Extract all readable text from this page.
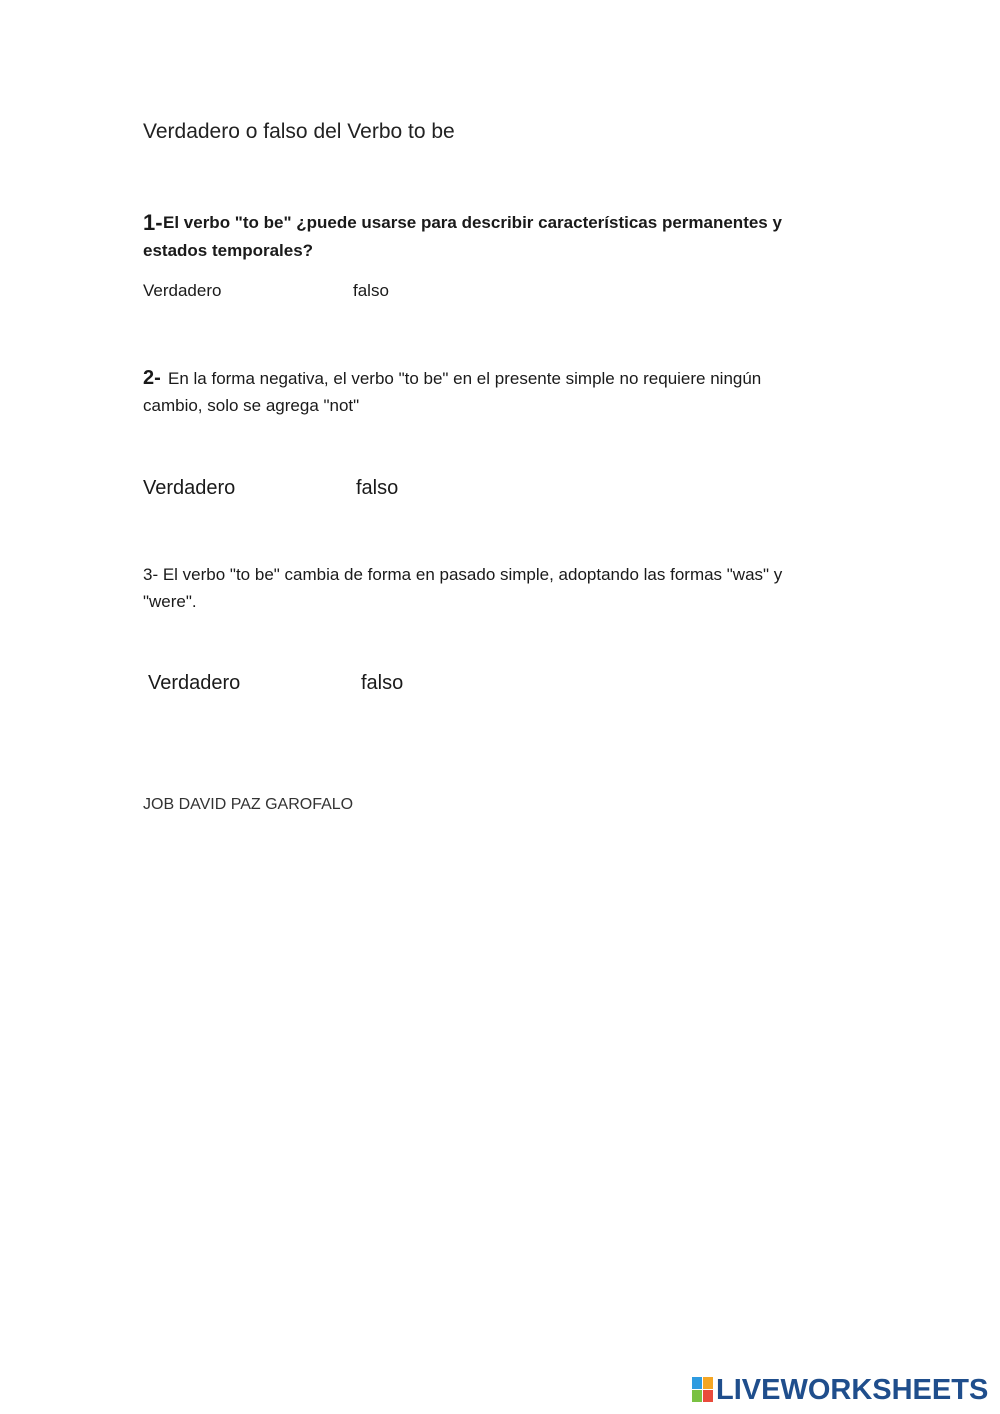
Verdadero o falso del Verbo to be
1- El verbo "to be" ¿puede usarse para describir características permanentes y
estados temporales?
Verdadero	falso
2- En la forma negativa, el verbo "to be" en el presente simple no requiere ningún
cambio, solo se agrega "not"
Verdadero	falso
3- El verbo "to be" cambia de forma en pasado simple, adoptando las formas "was" y
"were".
Verdadero	falso
JOB DAVID PAZ GAROFALO
LIVEWORKSHEETS
